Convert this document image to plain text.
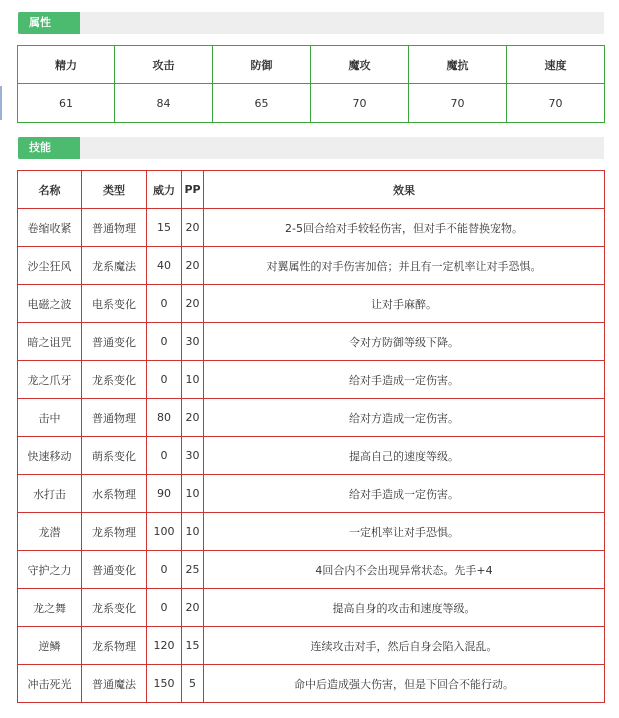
属性
精力	攻击	防御	魔攻	魔抗	速度
61	84	65	70	70	70
技能
名称	类型	威力	PP	效果
卷缩收紧	普通物理	15	20	2-5回合给对手较轻伤害，但对手不能替换宠物。
沙尘狂风	龙系魔法	40	20	对翼属性的对手伤害加倍；并且有一定机率让对手恐惧。
电磁之波	电系变化	0	20	让对手麻醉。
暗之诅咒	普通变化	0	30	令对方防御等级下降。
龙之爪牙	龙系变化	0	10	给对手造成一定伤害。
击中	普通物理	80	20	给对方造成一定伤害。
快速移动	萌系变化	0	30	提高自己的速度等级。
水打击	水系物理	90	10	给对手造成一定伤害。
龙潜	龙系物理	100	10	一定机率让对手恐惧。
守护之力	普通变化	0	25	4回合内不会出现异常状态。先手+4
龙之舞	龙系变化	0	20	提高自身的攻击和速度等级。
逆鳞	龙系物理	120	15	连续攻击对手，然后自身会陷入混乱。
冲击死光	普通魔法	150	5	命中后造成强大伤害，但是下回合不能行动。
